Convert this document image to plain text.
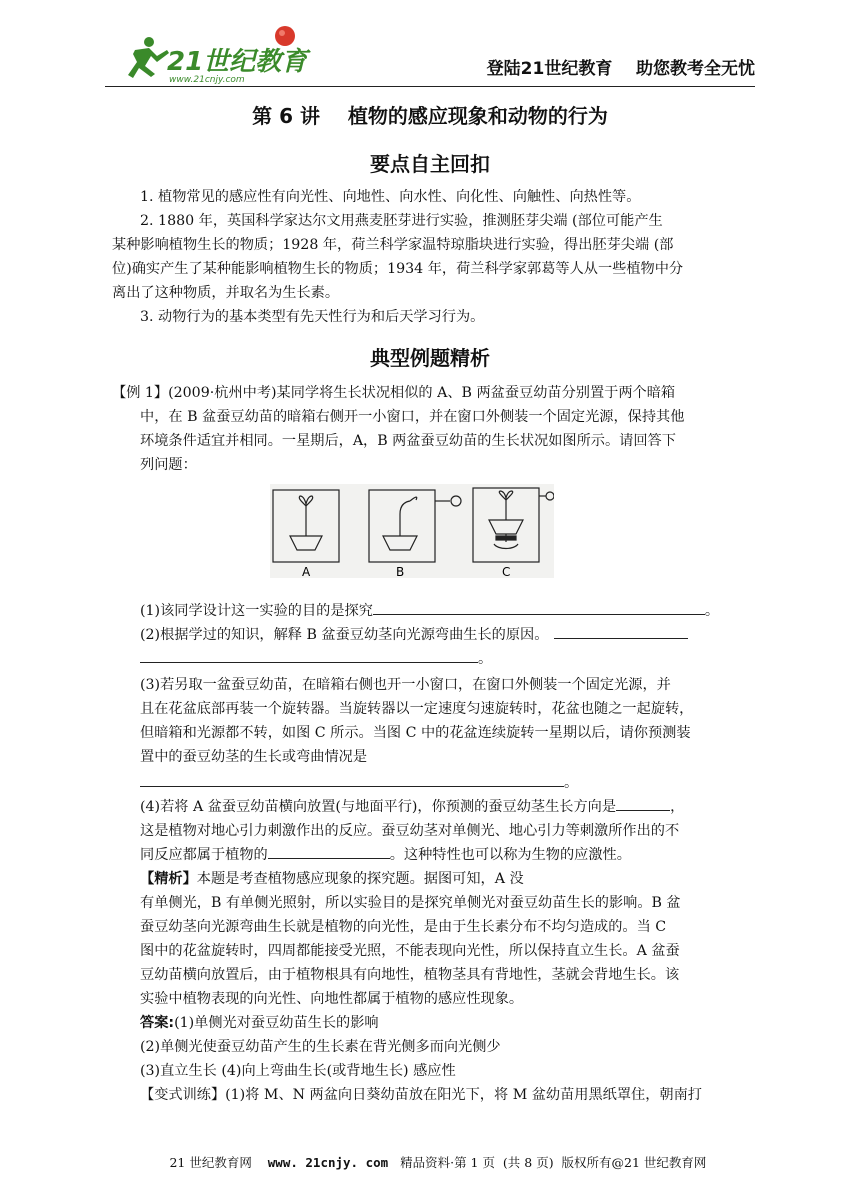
21世纪教育
www.21cnjy.com
登陆21世纪教育    助您教考全无忧
第 6 讲    植物的感应现象和动物的行为
要点自主回扣
1. 植物常见的感应性有向光性、向地性、向水性、向化性、向触性、向热性等。
2. 1880 年，英国科学家达尔文用燕麦胚芽进行实验，推测胚芽尖端 (部位可能产生
某种影响植物生长的物质；1928 年，荷兰科学家温特琼脂块进行实验，得出胚芽尖端 (部
位)确实产生了某种能影响植物生长的物质；1934 年，荷兰科学家郭葛等人从一些植物中分
离出了这种物质，并取名为生长素。
3. 动物行为的基本类型有先天性行为和后天学习行为。
典型例题精析
【例 1】(2009·杭州中考)某同学将生长状况相似的 A、B 两盆蚕豆幼苗分别置于两个暗箱
中，在 B 盆蚕豆幼苗的暗箱右侧开一小窗口，并在窗口外侧装一个固定光源，保持其他
环境条件适宜并相同。一星期后，A，B 两盆蚕豆幼苗的生长状况如图所示。请回答下
列问题：
A	B	C
(1)该同学设计这一实验的目的是探究	。
(2)根据学过的知识，解释 B 盆蚕豆幼茎向光源弯曲生长的原因。
。
(3)若另取一盆蚕豆幼苗，在暗箱右侧也开一小窗口，在窗口外侧装一个固定光源，并
且在花盆底部再装一个旋转器。当旋转器以一定速度匀速旋转时，花盆也随之一起旋转，
但暗箱和光源都不转，如图 C 所示。当图 C 中的花盆连续旋转一星期以后，请你预测装
置中的蚕豆幼茎的生长或弯曲情况是
。
(4)若将 A 盆蚕豆幼苗横向放置(与地面平行)，你预测的蚕豆幼茎生长方向是	，
这是植物对地心引力刺激作出的反应。蚕豆幼茎对单侧光、地心引力等刺激所作出的不
同反应都属于植物的	。这种特性也可以称为生物的应激性。
【精析】本题是考查植物感应现象的探究题。据图可知，A 没
有单侧光，B 有单侧光照射，所以实验目的是探究单侧光对蚕豆幼苗生长的影响。B 盆
蚕豆幼茎向光源弯曲生长就是植物的向光性，是由于生长素分布不均匀造成的。当 C
图中的花盆旋转时，四周都能接受光照，不能表现向光性，所以保持直立生长。A 盆蚕
豆幼苗横向放置后，由于植物根具有向地性，植物茎具有背地性，茎就会背地生长。该
实验中植物表现的向光性、向地性都属于植物的感应性现象。
答案:(1)单侧光对蚕豆幼苗生长的影响
(2)单侧光使蚕豆幼苗产生的生长素在背光侧多而向光侧少
(3)直立生长 (4)向上弯曲生长(或背地生长) 感应性
【变式训练】(1)将 M、N 两盆向日葵幼苗放在阳光下，将 M 盆幼苗用黑纸罩住，朝南打

21 世纪教育网    www. 21cnjy. com   精品资料·第 1 页  (共 8 页)  版权所有@21 世纪教育网
